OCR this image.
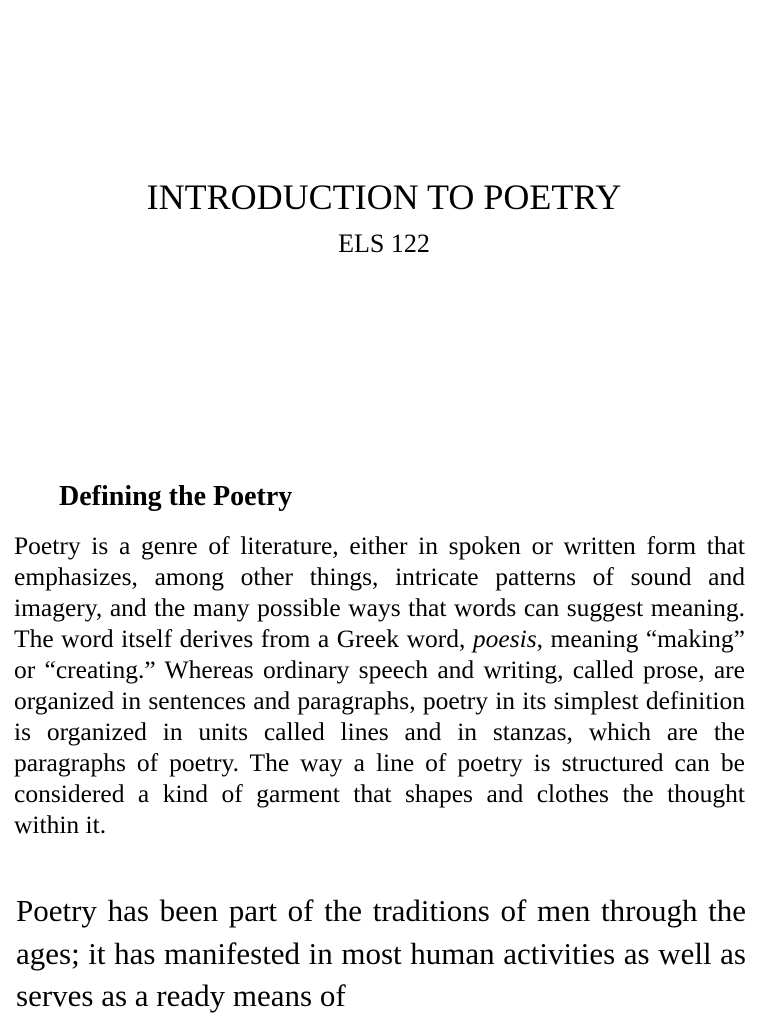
INTRODUCTION TO POETRY
ELS 122
Defining the Poetry

Poetry is a genre of literature, either in spoken or written form that emphasizes, among other things, intricate patterns of sound and imagery, and the many possible ways that words can suggest meaning. The word itself derives from a Greek word, poesis, meaning “making” or “creating.” Whereas ordinary speech and writing, called prose, are organized in sentences and paragraphs, poetry in its simplest definition is organized in units called lines and in stanzas, which are the paragraphs of poetry. The way a line of poetry is structured can be considered a kind of garment that shapes and clothes the thought within it.

Poetry has been part of the traditions of men through the ages; it has manifested in most human activities as well as serves as a ready means of
